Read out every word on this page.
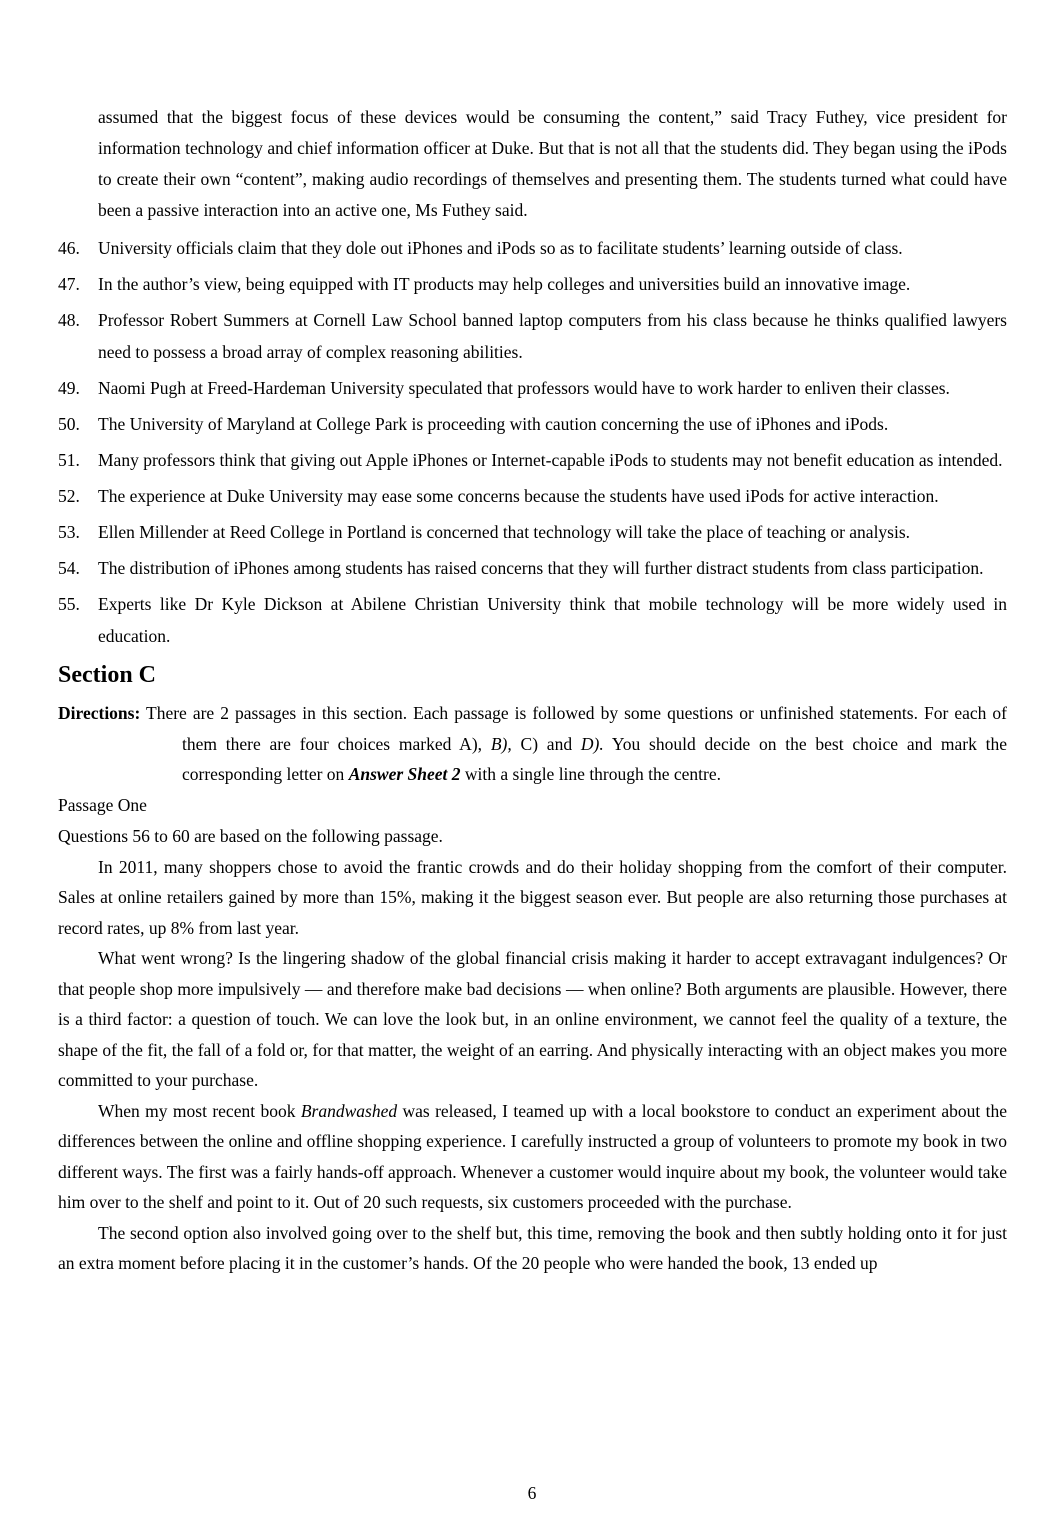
assumed that the biggest focus of these devices would be consuming the content,” said Tracy Futhey, vice president for information technology and chief information officer at Duke. But that is not all that the students did. They began using the iPods to create their own “content”, making audio recordings of themselves and presenting them. The students turned what could have been a passive interaction into an active one, Ms Futhey said.

46. University officials claim that they dole out iPhones and iPods so as to facilitate students’ learning outside of class.

47. In the author’s view, being equipped with IT products may help colleges and universities build an innovative image.

48. Professor Robert Summers at Cornell Law School banned laptop computers from his class because he thinks qualified lawyers need to possess a broad array of complex reasoning abilities.

49. Naomi Pugh at Freed-Hardeman University speculated that professors would have to work harder to enliven their classes.

50. The University of Maryland at College Park is proceeding with caution concerning the use of iPhones and iPods.

51. Many professors think that giving out Apple iPhones or Internet-capable iPods to students may not benefit education as intended.

52. The experience at Duke University may ease some concerns because the students have used iPods for active interaction.

53. Ellen Millender at Reed College in Portland is concerned that technology will take the place of teaching or analysis.

54. The distribution of iPhones among students has raised concerns that they will further distract students from class participation.

55. Experts like Dr Kyle Dickson at Abilene Christian University think that mobile technology will be more widely used in education.

Section C

Directions: There are 2 passages in this section. Each passage is followed by some questions or unfinished statements. For each of them there are four choices marked A), B), C) and D). You should decide on the best choice and mark the corresponding letter on Answer Sheet 2 with a single line through the centre.

Passage One

Questions 56 to 60 are based on the following passage.

In 2011, many shoppers chose to avoid the frantic crowds and do their holiday shopping from the comfort of their computer. Sales at online retailers gained by more than 15%, making it the biggest season ever. But people are also returning those purchases at record rates, up 8% from last year.

What went wrong? Is the lingering shadow of the global financial crisis making it harder to accept extravagant indulgences? Or that people shop more impulsively — and therefore make bad decisions — when online? Both arguments are plausible. However, there is a third factor: a question of touch. We can love the look but, in an online environment, we cannot feel the quality of a texture, the shape of the fit, the fall of a fold or, for that matter, the weight of an earring. And physically interacting with an object makes you more committed to your purchase.

When my most recent book Brandwashed was released, I teamed up with a local bookstore to conduct an experiment about the differences between the online and offline shopping experience. I carefully instructed a group of volunteers to promote my book in two different ways. The first was a fairly hands-off approach. Whenever a customer would inquire about my book, the volunteer would take him over to the shelf and point to it. Out of 20 such requests, six customers proceeded with the purchase.

The second option also involved going over to the shelf but, this time, removing the book and then subtly holding onto it for just an extra moment before placing it in the customer’s hands. Of the 20 people who were handed the book, 13 ended up

6
